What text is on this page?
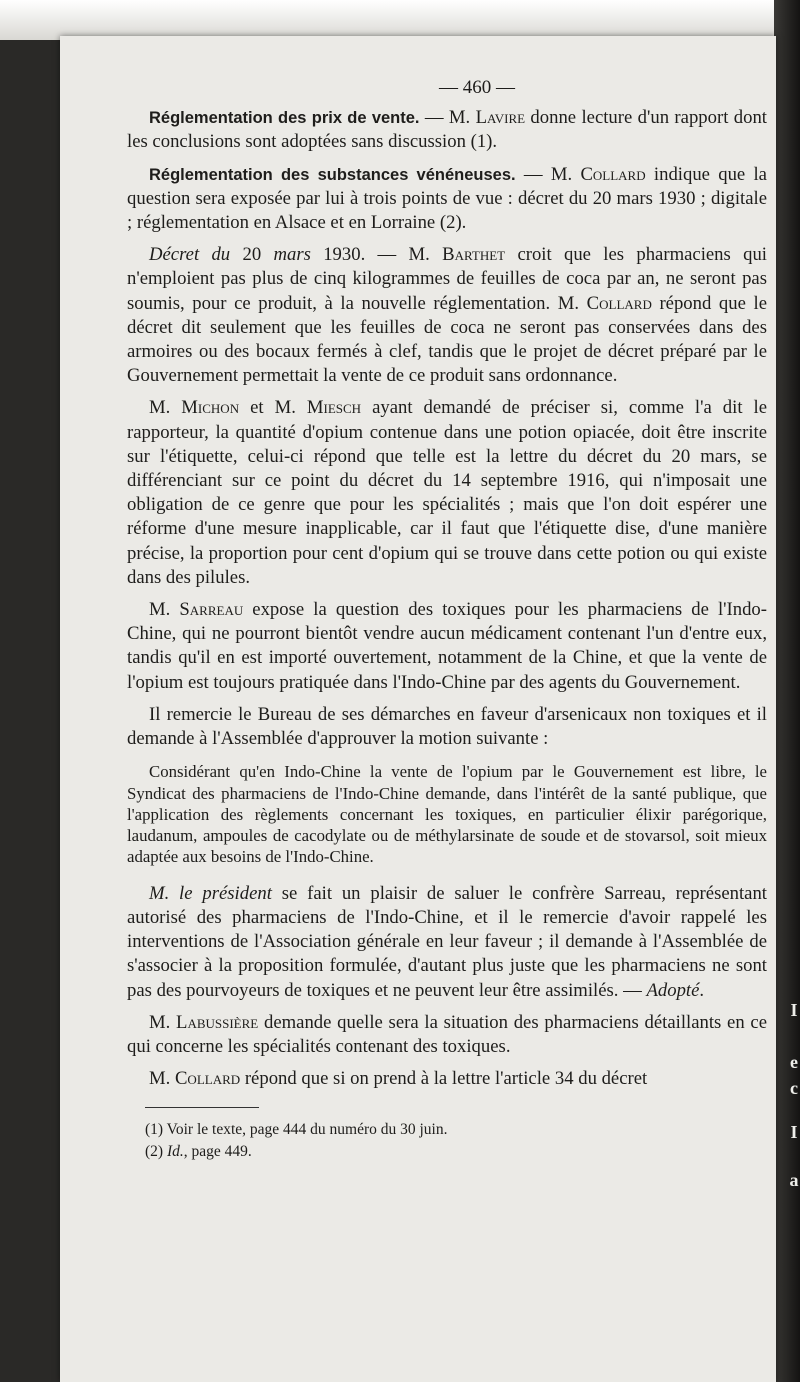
I
e
c
I
a
— 460 —

Réglementation des prix de vente. — M. Lavire donne lecture d'un rapport dont les conclusions sont adoptées sans discussion (1).

Réglementation des substances vénéneuses. — M. Collard indique que la question sera exposée par lui à trois points de vue : décret du 20 mars 1930 ; digitale ; réglementation en Alsace et en Lorraine (2).

Décret du 20 mars 1930. — M. Barthet croit que les pharmaciens qui n'emploient pas plus de cinq kilogrammes de feuilles de coca par an, ne seront pas soumis, pour ce produit, à la nouvelle réglementation. M. Collard répond que le décret dit seulement que les feuilles de coca ne seront pas conservées dans des armoires ou des bocaux fermés à clef, tandis que le projet de décret préparé par le Gouvernement permettait la vente de ce produit sans ordonnance.

M. Michon et M. Miesch ayant demandé de préciser si, comme l'a dit le rapporteur, la quantité d'opium contenue dans une potion opiacée, doit être inscrite sur l'étiquette, celui-ci répond que telle est la lettre du décret du 20 mars, se différenciant sur ce point du décret du 14 septembre 1916, qui n'imposait une obligation de ce genre que pour les spécialités ; mais que l'on doit espérer une réforme d'une mesure inapplicable, car il faut que l'étiquette dise, d'une manière précise, la proportion pour cent d'opium qui se trouve dans cette potion ou qui existe dans des pilules.

M. Sarreau expose la question des toxiques pour les pharmaciens de l'Indo-Chine, qui ne pourront bientôt vendre aucun médicament contenant l'un d'entre eux, tandis qu'il en est importé ouvertement, notamment de la Chine, et que la vente de l'opium est toujours pratiquée dans l'Indo-Chine par des agents du Gouvernement.

Il remercie le Bureau de ses démarches en faveur d'arsenicaux non toxiques et il demande à l'Assemblée d'approuver la motion suivante :

Considérant qu'en Indo-Chine la vente de l'opium par le Gouvernement est libre, le Syndicat des pharmaciens de l'Indo-Chine demande, dans l'intérêt de la santé publique, que l'application des règlements concernant les toxiques, en particulier élixir parégorique, laudanum, ampoules de cacodylate ou de méthylarsinate de soude et de stovarsol, soit mieux adaptée aux besoins de l'Indo-Chine.

M. le président se fait un plaisir de saluer le confrère Sarreau, représentant autorisé des pharmaciens de l'Indo-Chine, et il le remercie d'avoir rappelé les interventions de l'Association générale en leur faveur ; il demande à l'Assemblée de s'associer à la proposition formulée, d'autant plus juste que les pharmaciens ne sont pas des pourvoyeurs de toxiques et ne peuvent leur être assimilés. — Adopté.

M. Labussière demande quelle sera la situation des pharmaciens détaillants en ce qui concerne les spécialités contenant des toxiques.

M. Collard répond que si on prend à la lettre l'article 34 du décret

(1) Voir le texte, page 444 du numéro du 30 juin.

(2) Id., page 449.
